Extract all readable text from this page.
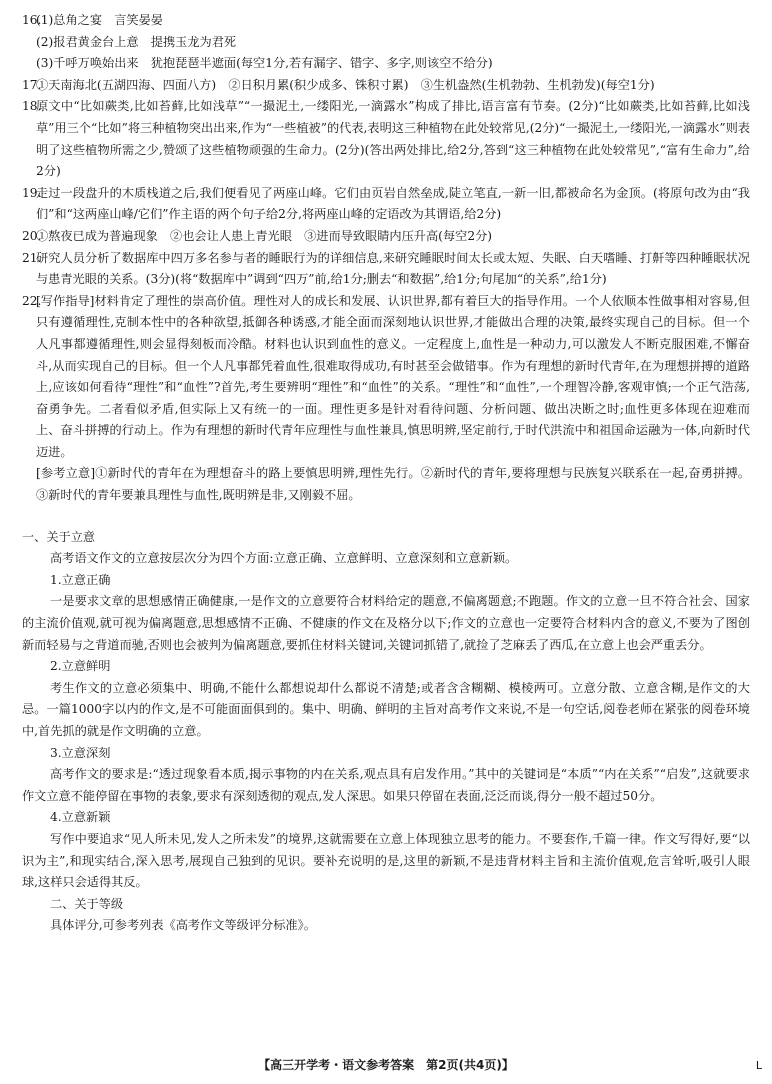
16.

(1)总角之宴　言笑晏晏

(2)报君黄金台上意　提携玉龙为君死

(3)千呼万唤始出来　犹抱琵琶半遮面(每空1分,若有漏字、错字、多字,则该空不给分)

17.

①天南海北(五湖四海、四面八方)　②日积月累(积少成多、铢积寸累)　③生机盎然(生机勃勃、生机勃发)(每空1分)

18.

原文中“比如蕨类,比如苔藓,比如浅草”“一撮泥土,一缕阳光,一滴露水”构成了排比,语言富有节奏。(2分)“比如蕨类,比如苔藓,比如浅草”用三个“比如”将三种植物突出出来,作为“一些植被”的代表,表明这三种植物在此处较常见,(2分)“一撮泥土,一缕阳光,一滴露水”则表明了这些植物所需之少,赞颂了这些植物顽强的生命力。(2分)(答出两处排比,给2分,答到“这三种植物在此处较常见”,“富有生命力”,给2分)

19.

走过一段盘升的木质栈道之后,我们便看见了两座山峰。它们由页岩自然垒成,陡立笔直,一新一旧,都被命名为金顶。(将原句改为由“我们”和“这两座山峰/它们”作主语的两个句子给2分,将两座山峰的定语改为其谓语,给2分)

20.

①熬夜已成为普遍现象　②也会让人患上青光眼　③进而导致眼睛内压升高(每空2分)

21.

研究人员分析了数据库中四万多名参与者的睡眠行为的详细信息,来研究睡眠时间太长或太短、失眠、白天嗜睡、打鼾等四种睡眠状况与患青光眼的关系。(3分)(将“数据库中”调到“四万”前,给1分;删去“和数据”,给1分;句尾加“的关系”,给1分)

22.

[写作指导]材料肯定了理性的崇高价值。理性对人的成长和发展、认识世界,都有着巨大的指导作用。一个人依顺本性做事相对容易,但只有遵循理性,克制本性中的各种欲望,抵御各种诱惑,才能全面而深刻地认识世界,才能做出合理的决策,最终实现自己的目标。但一个人凡事都遵循理性,则会显得刻板而冷酷。材料也认识到血性的意义。一定程度上,血性是一种动力,可以激发人不断克服困难,不懈奋斗,从而实现自己的目标。但一个人凡事都凭着血性,很难取得成功,有时甚至会做错事。作为有理想的新时代青年,在为理想拼搏的道路上,应该如何看待“理性”和“血性”?首先,考生要辨明“理性”和“血性”的关系。“理性”和“血性”,一个理智冷静,客观审慎;一个正气浩荡,奋勇争先。二者看似矛盾,但实际上又有统一的一面。理性更多是针对看待问题、分析问题、做出决断之时;血性更多体现在迎难而上、奋斗拼搏的行动上。作为有理想的新时代青年应理性与血性兼具,慎思明辨,坚定前行,于时代洪流中和祖国命运融为一体,向新时代迈进。

[参考立意]①新时代的青年在为理想奋斗的路上要慎思明辨,理性先行。②新时代的青年,要将理想与民族复兴联系在一起,奋勇拼搏。③新时代的青年要兼具理性与血性,既明辨是非,又刚毅不屈。

一、关于立意

高考语文作文的立意按层次分为四个方面:立意正确、立意鲜明、立意深刻和立意新颖。

1.立意正确

一是要求文章的思想感情正确健康,一是作文的立意要符合材料给定的题意,不偏离题意;不跑题。作文的立意一旦不符合社会、国家的主流价值观,就可视为偏离题意,思想感情不正确、不健康的作文在及格分以下;作文的立意也一定要符合材料内含的意义,不要为了图创新而轻易与之背道而驰,否则也会被判为偏离题意,要抓住材料关键词,关键词抓错了,就捡了芝麻丢了西瓜,在立意上也会严重丢分。

2.立意鲜明

考生作文的立意必须集中、明确,不能什么都想说却什么都说不清楚;或者含含糊糊、模棱两可。立意分散、立意含糊,是作文的大忌。一篇1000字以内的作文,是不可能面面俱到的。集中、明确、鲜明的主旨对高考作文来说,不是一句空话,阅卷老师在紧张的阅卷环境中,首先抓的就是作文明确的立意。

3.立意深刻

高考作文的要求是:“透过现象看本质,揭示事物的内在关系,观点具有启发作用。”其中的关键词是“本质”“内在关系”“启发”,这就要求作文立意不能停留在事物的表象,要求有深刻透彻的观点,发人深思。如果只停留在表面,泛泛而谈,得分一般不超过50分。

4.立意新颖

写作中要追求“见人所未见,发人之所未发”的境界,这就需要在立意上体现独立思考的能力。不要套作,千篇一律。作文写得好,要“以识为主”,和现实结合,深入思考,展现自己独到的见识。要补充说明的是,这里的新颖,不是违背材料主旨和主流价值观,危言耸听,吸引人眼球,这样只会适得其反。

二、关于等级

具体评分,可参考列表《高考作文等级评分标准》。

【高三开学考・语文参考答案　第2页(共4页)】	L
